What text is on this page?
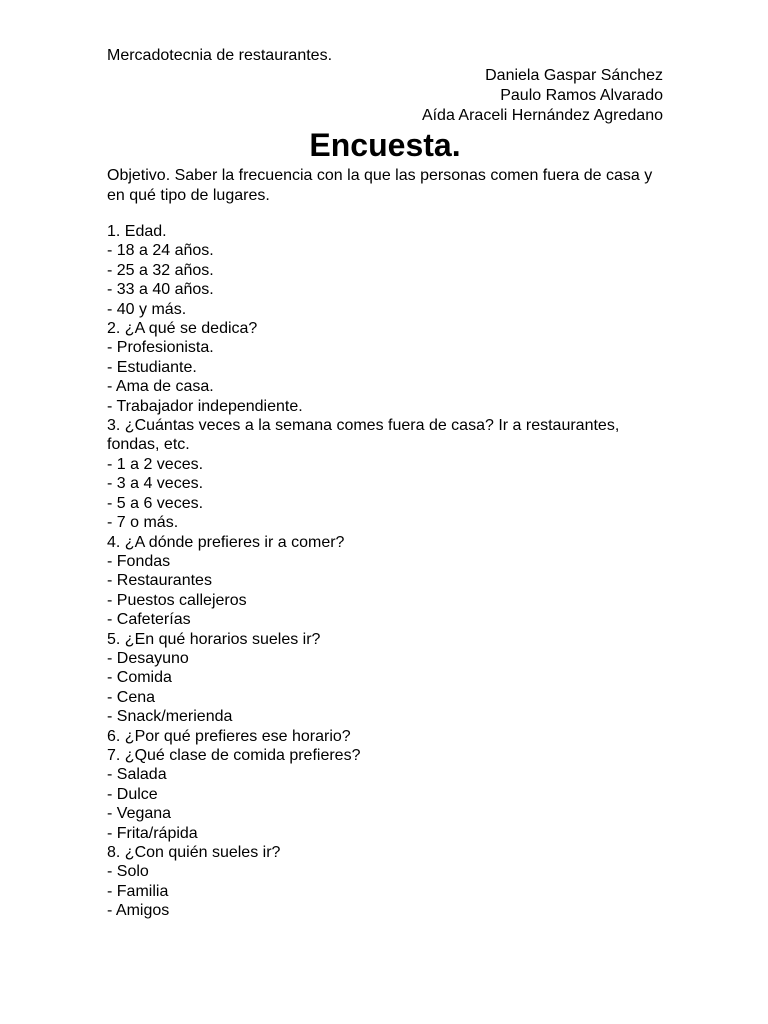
Mercadotecnia de restaurantes.

Daniela Gaspar Sánchez
Paulo Ramos Alvarado
Aída Araceli Hernández Agredano
Encuesta.

Objetivo. Saber la frecuencia con la que las personas comen fuera de casa y en qué tipo de lugares.

1. Edad.
- 18 a 24 años.
- 25 a 32 años.
- 33 a 40 años.
- 40 y más.
2. ¿A qué se dedica?
- Profesionista.
- Estudiante.
- Ama de casa.
- Trabajador independiente.
3. ¿Cuántas veces a la semana comes fuera de casa? Ir a restaurantes, fondas, etc.
- 1 a 2 veces.
- 3 a 4 veces.
- 5 a 6 veces.
- 7 o más.
4. ¿A dónde prefieres ir a comer?
- Fondas
- Restaurantes
- Puestos callejeros
- Cafeterías
5. ¿En qué horarios sueles ir?
- Desayuno
- Comida
- Cena
- Snack/merienda
6. ¿Por qué prefieres ese horario?
7. ¿Qué clase de comida prefieres?
- Salada
- Dulce
- Vegana
- Frita/rápida
8. ¿Con quién sueles ir?
- Solo
- Familia
- Amigos
